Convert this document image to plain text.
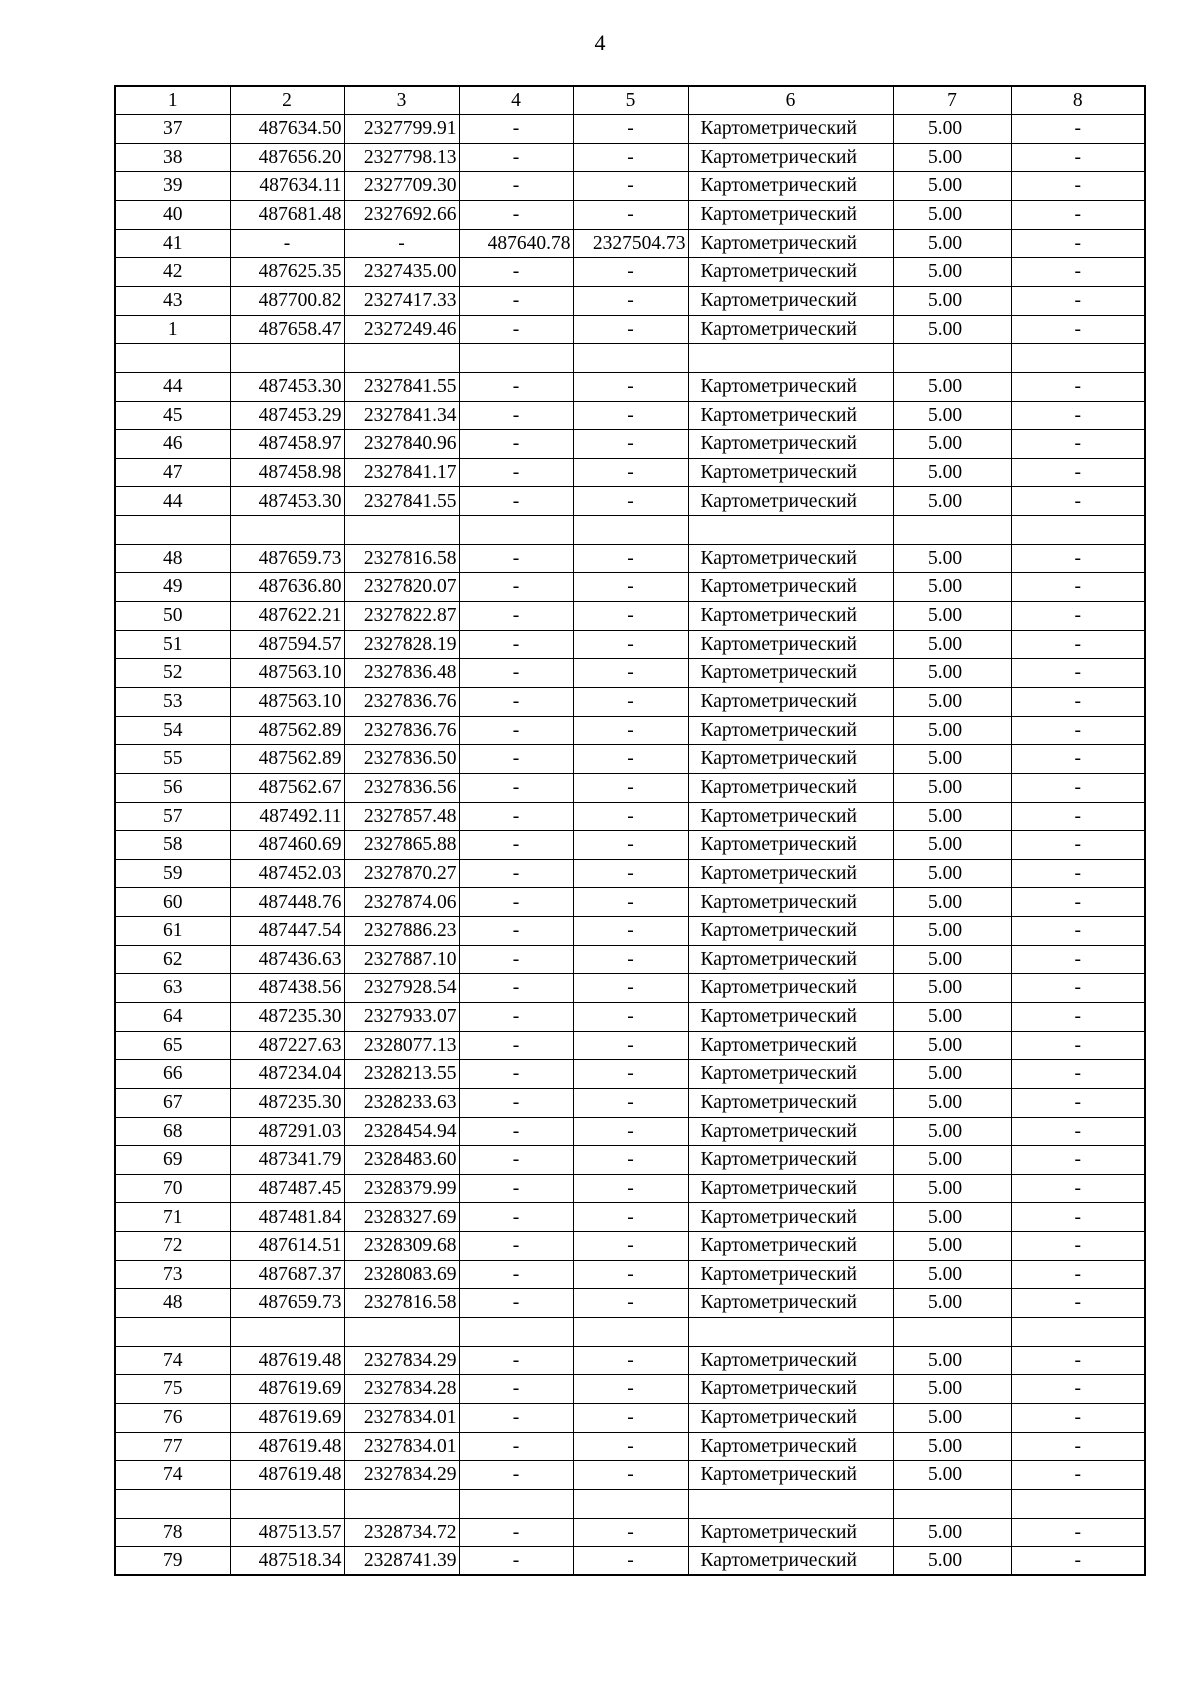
4
1	2	3	4	5	6	7	8
37	487634.50	2327799.91	-	-	Картометрический	5.00	-
38	487656.20	2327798.13	-	-	Картометрический	5.00	-
39	487634.11	2327709.30	-	-	Картометрический	5.00	-
40	487681.48	2327692.66	-	-	Картометрический	5.00	-
41	-	-	487640.78	2327504.73	Картометрический	5.00	-
42	487625.35	2327435.00	-	-	Картометрический	5.00	-
43	487700.82	2327417.33	-	-	Картометрический	5.00	-
1	487658.47	2327249.46	-	-	Картометрический	5.00	-

44	487453.30	2327841.55	-	-	Картометрический	5.00	-
45	487453.29	2327841.34	-	-	Картометрический	5.00	-
46	487458.97	2327840.96	-	-	Картометрический	5.00	-
47	487458.98	2327841.17	-	-	Картометрический	5.00	-
44	487453.30	2327841.55	-	-	Картометрический	5.00	-

48	487659.73	2327816.58	-	-	Картометрический	5.00	-
49	487636.80	2327820.07	-	-	Картометрический	5.00	-
50	487622.21	2327822.87	-	-	Картометрический	5.00	-
51	487594.57	2327828.19	-	-	Картометрический	5.00	-
52	487563.10	2327836.48	-	-	Картометрический	5.00	-
53	487563.10	2327836.76	-	-	Картометрический	5.00	-
54	487562.89	2327836.76	-	-	Картометрический	5.00	-
55	487562.89	2327836.50	-	-	Картометрический	5.00	-
56	487562.67	2327836.56	-	-	Картометрический	5.00	-
57	487492.11	2327857.48	-	-	Картометрический	5.00	-
58	487460.69	2327865.88	-	-	Картометрический	5.00	-
59	487452.03	2327870.27	-	-	Картометрический	5.00	-
60	487448.76	2327874.06	-	-	Картометрический	5.00	-
61	487447.54	2327886.23	-	-	Картометрический	5.00	-
62	487436.63	2327887.10	-	-	Картометрический	5.00	-
63	487438.56	2327928.54	-	-	Картометрический	5.00	-
64	487235.30	2327933.07	-	-	Картометрический	5.00	-
65	487227.63	2328077.13	-	-	Картометрический	5.00	-
66	487234.04	2328213.55	-	-	Картометрический	5.00	-
67	487235.30	2328233.63	-	-	Картометрический	5.00	-
68	487291.03	2328454.94	-	-	Картометрический	5.00	-
69	487341.79	2328483.60	-	-	Картометрический	5.00	-
70	487487.45	2328379.99	-	-	Картометрический	5.00	-
71	487481.84	2328327.69	-	-	Картометрический	5.00	-
72	487614.51	2328309.68	-	-	Картометрический	5.00	-
73	487687.37	2328083.69	-	-	Картометрический	5.00	-
48	487659.73	2327816.58	-	-	Картометрический	5.00	-

74	487619.48	2327834.29	-	-	Картометрический	5.00	-
75	487619.69	2327834.28	-	-	Картометрический	5.00	-
76	487619.69	2327834.01	-	-	Картометрический	5.00	-
77	487619.48	2327834.01	-	-	Картометрический	5.00	-
74	487619.48	2327834.29	-	-	Картометрический	5.00	-

78	487513.57	2328734.72	-	-	Картометрический	5.00	-
79	487518.34	2328741.39	-	-	Картометрический	5.00	-
